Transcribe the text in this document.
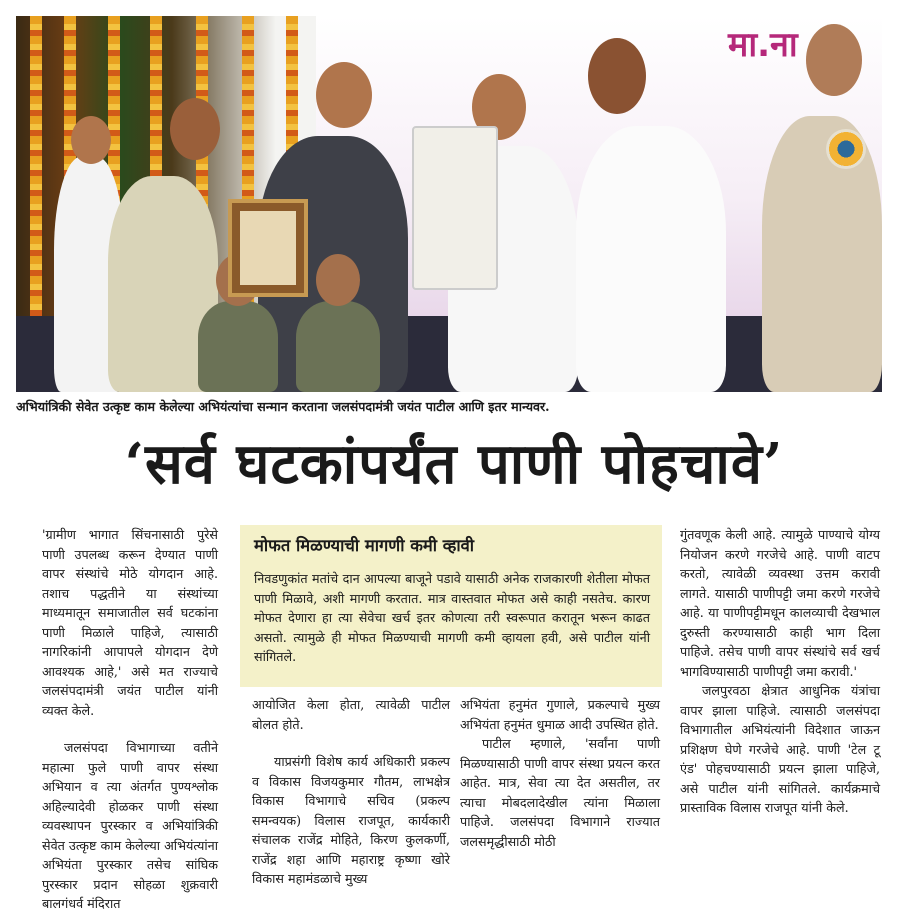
मा.ना
अभियांत्रिकी सेवेत उत्कृष्ट काम केलेल्या अभियंत्यांचा सन्मान करताना जलसंपदामंत्री जयंत पाटील आणि इतर मान्यवर.
‘सर्व घटकांपर्यंत पाणी पोहचावे’

'ग्रामीण भागात सिंचनासाठी पुरेसे पाणी उपलब्ध करून देण्यात पाणी वापर संस्थांचे मोठे योगदान आहे. तशाच पद्धतीने या संस्थांच्या माध्यमातून समाजातील सर्व घटकांना पाणी मिळाले पाहिजे, त्यासाठी नागरिकांनी आपापले योगदान देणे आवश्यक आहे,' असे मत राज्याचे जलसंपदामंत्री जयंत पाटील यांनी व्यक्त केले.

जलसंपदा विभागाच्या वतीने महात्मा फुले पाणी वापर संस्था अभियान व त्या अंतर्गत पुण्यश्लोक अहिल्यादेवी होळकर पाणी संस्था व्यवस्थापन पुरस्कार व अभियांत्रिकी सेवेत उत्कृष्ट काम केलेल्या अभियंत्यांना अभियंता पुरस्कार तसेच सांघिक पुरस्कार प्रदान सोहळा शुक्रवारी बालगंधर्व मंदिरात

मोफत मिळण्याची मागणी कमी व्हावी
निवडणुकांत मतांचे दान आपल्या बाजूने पडावे यासाठी अनेक राजकारणी शेतीला मोफत पाणी मिळावे, अशी मागणी करतात. मात्र वास्तवात मोफत असे काही नसतेच. कारण मोफत देणारा हा त्या सेवेचा खर्च इतर कोणत्या तरी स्वरूपात करातून भरून काढत असतो. त्यामुळे ही मोफत मिळण्याची मागणी कमी व्हायला हवी, असे पाटील यांनी सांगितले.

आयोजित केला होता, त्यावेळी पाटील बोलत होते.

याप्रसंगी विशेष कार्य अधिकारी प्रकल्प व विकास विजयकुमार गौतम, लाभक्षेत्र विकास विभागाचे सचिव (प्रकल्प समन्वयक) विलास राजपूत, कार्यकारी संचालक राजेंद्र मोहिते, किरण कुलकर्णी, राजेंद्र शहा आणि महाराष्ट्र कृष्णा खोरे विकास महामंडळाचे मुख्य

अभियंता हनुमंत गुणाले, प्रकल्पाचे मुख्य अभियंता हनुमंत धुमाळ आदी उपस्थित होते.

पाटील म्हणाले, 'सर्वांना पाणी मिळण्यासाठी पाणी वापर संस्था प्रयत्न करत आहेत. मात्र, सेवा त्या देत असतील, तर त्याचा मोबदलादेखील त्यांना मिळाला पाहिजे. जलसंपदा विभागाने राज्यात जलसमृद्धीसाठी मोठी

गुंतवणूक केली आहे. त्यामुळे पाण्याचे योग्य नियोजन करणे गरजेचे आहे. पाणी वाटप करतो, त्यावेळी व्यवस्था उत्तम करावी लागते. यासाठी पाणीपट्टी जमा करणे गरजेचे आहे. या पाणीपट्टीमधून कालव्याची देखभाल दुरुस्ती करण्यासाठी काही भाग दिला पाहिजे. तसेच पाणी वापर संस्थांचे सर्व खर्च भागविण्यासाठी पाणीपट्टी जमा करावी.'

जलपुरवठा क्षेत्रात आधुनिक यंत्रांचा वापर झाला पाहिजे. त्यासाठी जलसंपदा विभागातील अभियंत्यांनी विदेशात जाऊन प्रशिक्षण घेणे गरजेचे आहे. पाणी 'टेल टू एंड' पोहचण्यासाठी प्रयत्न झाला पाहिजे, असे पाटील यांनी सांगितले. कार्यक्रमाचे प्रास्ताविक विलास राजपूत यांनी केले.
